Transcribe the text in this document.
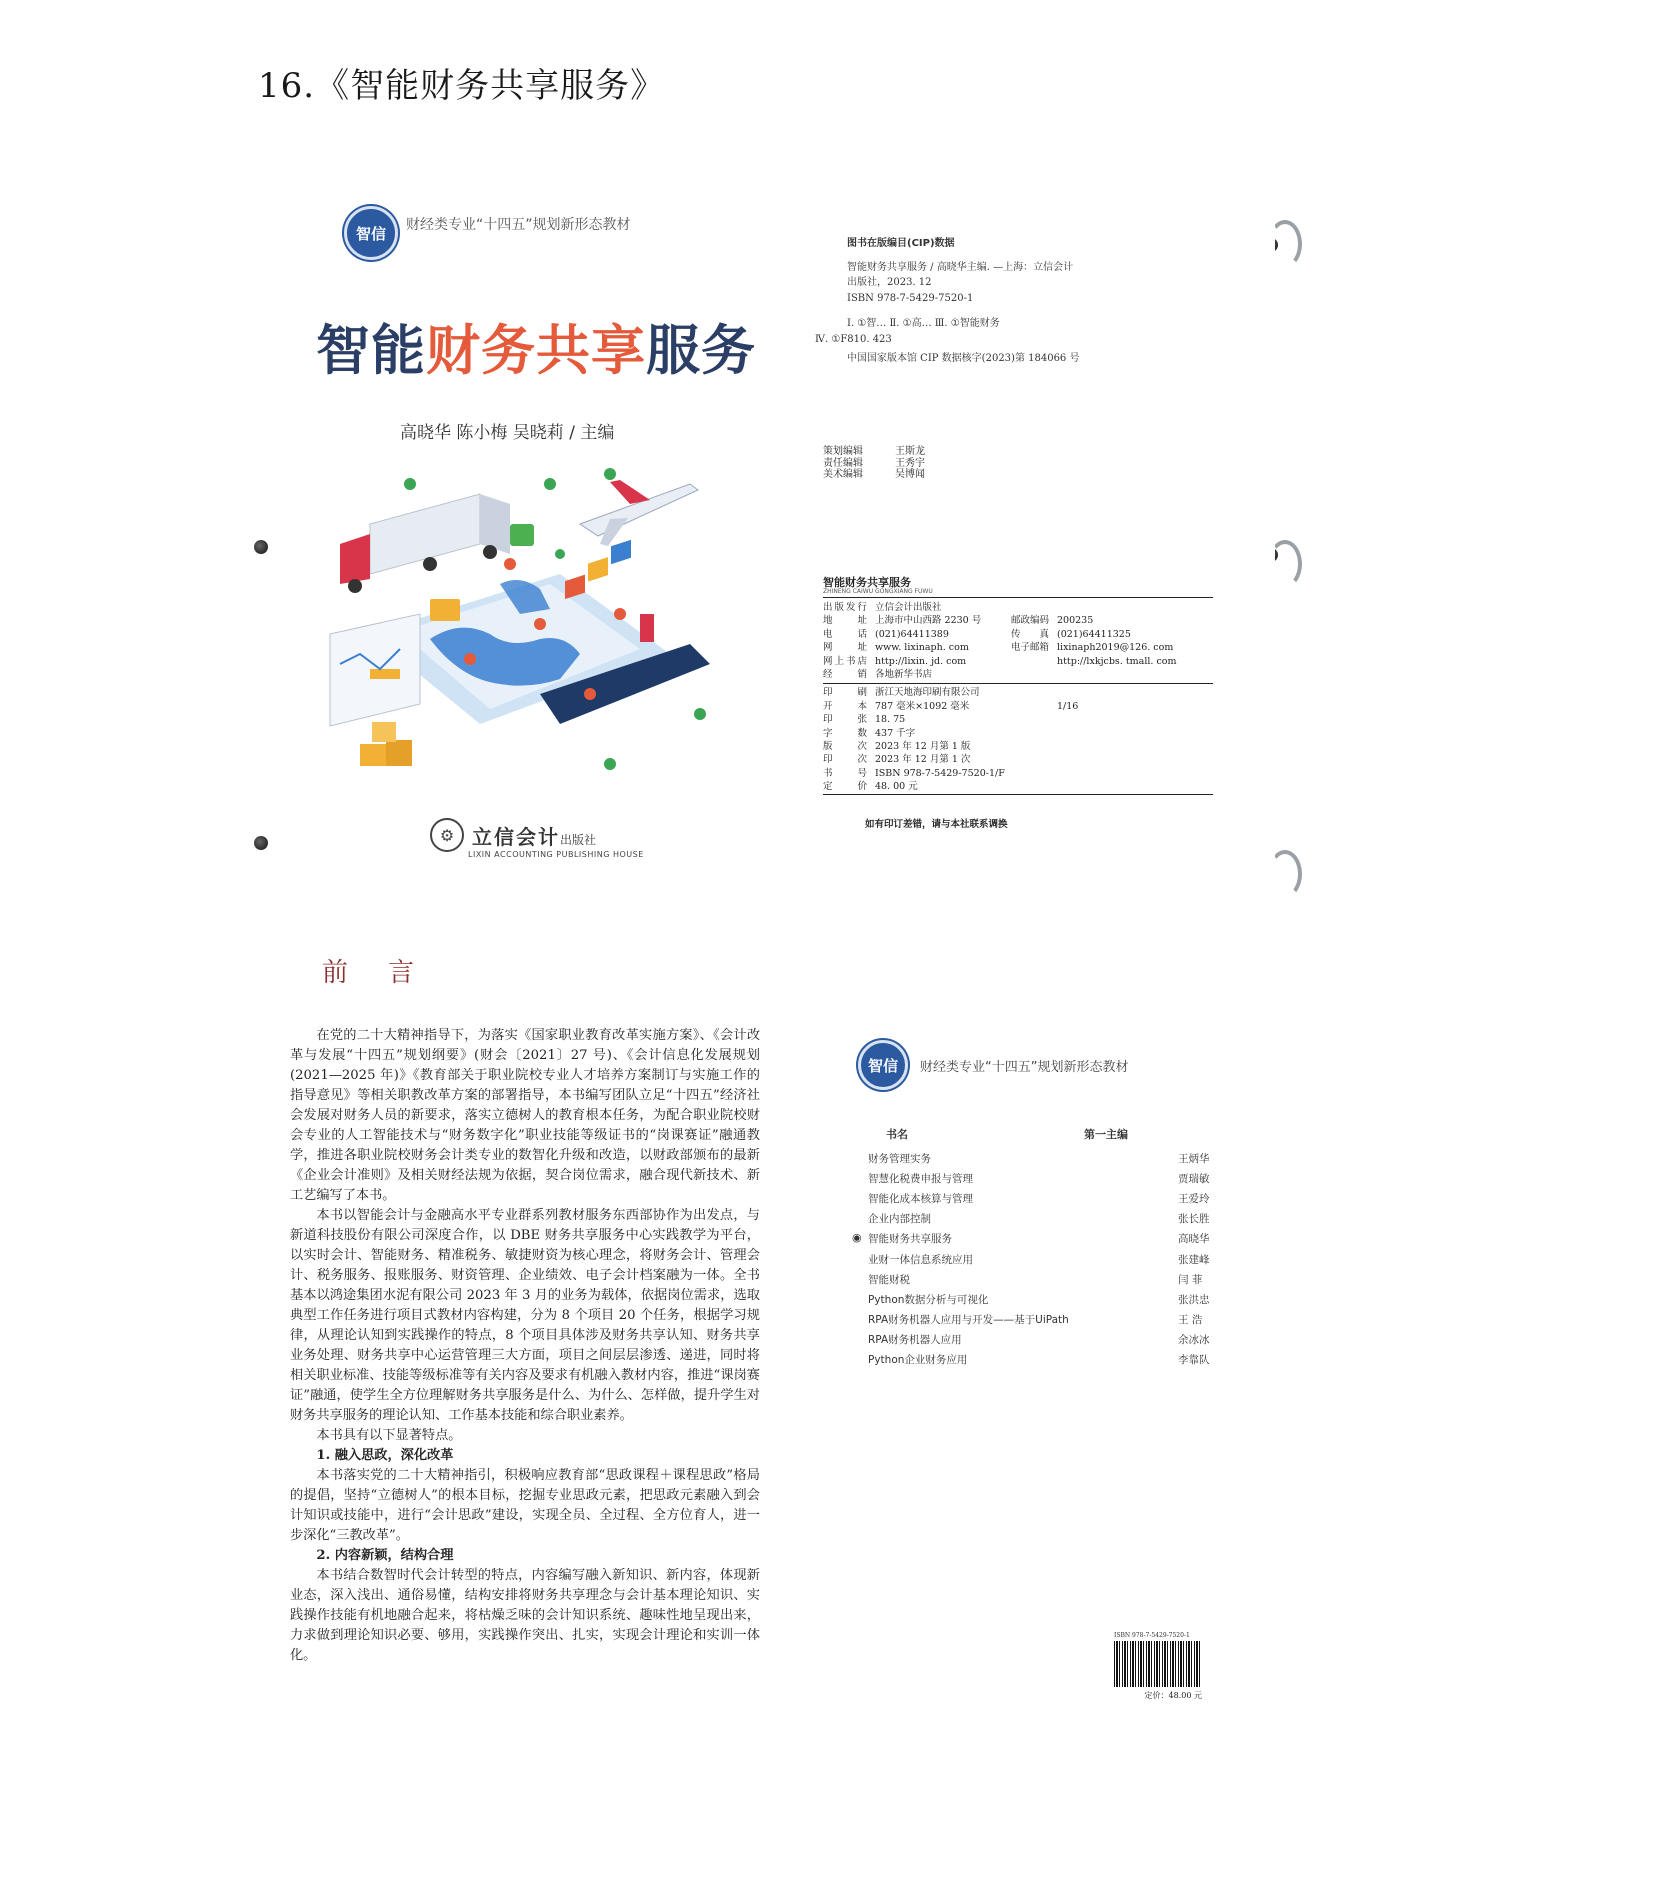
16.《智能财务共享服务》
智信	财经类专业“十四五”规划新形态教材
智能财务共享服务
高晓华 陈小梅 吴晓莉 / 主编
⚙ 立信会计出版社
LIXIN ACCOUNTING PUBLISHING HOUSE
图书在版编目(CIP)数据
智能财务共享服务 / 高晓华主编. —上海：立信会计
出版社，2023. 12
ISBN 978-7-5429-7520-1
Ⅰ. ①智… Ⅱ. ①高… Ⅲ. ①智能财务
Ⅳ. ①F810. 423
中国国家版本馆 CIP 数据核字(2023)第 184066 号
策划编辑	王斯龙
责任编辑	王秀宇
美术编辑	吴博闻
智能财务共享服务
ZHINENG CAIWU GONGXIANG FUWU
出版发行 立信会计出版社
地　　址 上海市中山西路 2230 号	邮政编码 200235
电　　话 (021)64411389	传　　真 (021)64411325
网　　址 www. lixinaph. com	电子邮箱 lixinaph2019@126. com
网上书店 http://lixin. jd. com	http://lxkjcbs. tmall. com
经　　销 各地新华书店
印　　刷 浙江天地海印刷有限公司
开　　本 787 毫米×1092 毫米	1/16
印　　张 18. 75
字　　数 437 千字
版　　次 2023 年 12 月第 1 版
印　　次 2023 年 12 月第 1 次
书　　号 ISBN 978-7-5429-7520-1/F
定　　价 48. 00 元
如有印订差错，请与本社联系调换
前言

在党的二十大精神指导下，为落实《国家职业教育改革实施方案》、《会计改革与发展“十四五”规划纲要》(财会〔2021〕27 号)、《会计信息化发展规划(2021—2025 年)》《教育部关于职业院校专业人才培养方案制订与实施工作的指导意见》等相关职教改革方案的部署指导，本书编写团队立足“十四五”经济社会发展对财务人员的新要求，落实立德树人的教育根本任务，为配合职业院校财会专业的人工智能技术与“财务数字化”职业技能等级证书的“岗课赛证”融通教学，推进各职业院校财务会计类专业的数智化升级和改造，以财政部颁布的最新《企业会计准则》及相关财经法规为依据，契合岗位需求，融合现代新技术、新工艺编写了本书。

本书以智能会计与金融高水平专业群系列教材服务东西部协作为出发点，与新道科技股份有限公司深度合作，以 DBE 财务共享服务中心实践教学为平台，以实时会计、智能财务、精准税务、敏捷财资为核心理念，将财务会计、管理会计、税务服务、报账服务、财资管理、企业绩效、电子会计档案融为一体。全书基本以鸿途集团水泥有限公司 2023 年 3 月的业务为载体，依据岗位需求，选取典型工作任务进行项目式教材内容构建，分为 8 个项目 20 个任务，根据学习规律，从理论认知到实践操作的特点，8 个项目具体涉及财务共享认知、财务共享业务处理、财务共享中心运营管理三大方面，项目之间层层渗透、递进，同时将相关职业标准、技能等级标准等有关内容及要求有机融入教材内容，推进“课岗赛证”融通，使学生全方位理解财务共享服务是什么、为什么、怎样做，提升学生对财务共享服务的理论认知、工作基本技能和综合职业素养。

本书具有以下显著特点。

1. 融入思政，深化改革

本书落实党的二十大精神指引，积极响应教育部“思政课程＋课程思政”格局的提倡，坚持“立德树人”的根本目标，挖掘专业思政元素，把思政元素融入到会计知识或技能中，进行“会计思政”建设，实现全员、全过程、全方位育人，进一步深化“三教改革”。

2. 内容新颖，结构合理

本书结合数智时代会计转型的特点，内容编写融入新知识、新内容，体现新业态，深入浅出、通俗易懂，结构安排将财务共享理念与会计基本理论知识、实践操作技能有机地融合起来，将枯燥乏味的会计知识系统、趣味性地呈现出来，力求做到理论知识必要、够用，实践操作突出、扎实，实现会计理论和实训一体化。

智信	财经类专业“十四五”规划新形态教材
书名	第一主编
财务管理实务	王炳华
智慧化税费申报与管理	贾瑞敏
智能化成本核算与管理	王爱玲
企业内部控制	张长胜
◉ 智能财务共享服务	高晓华
业财一体信息系统应用	张建峰
智能财税	闫 菲
Python数据分析与可视化	张洪忠
RPA财务机器人应用与开发——基于UiPath	王 浩
RPA财务机器人应用	余冰冰
Python企业财务应用	李靠队
ISBN 978-7-5429-7520-1
定价：48.00 元
